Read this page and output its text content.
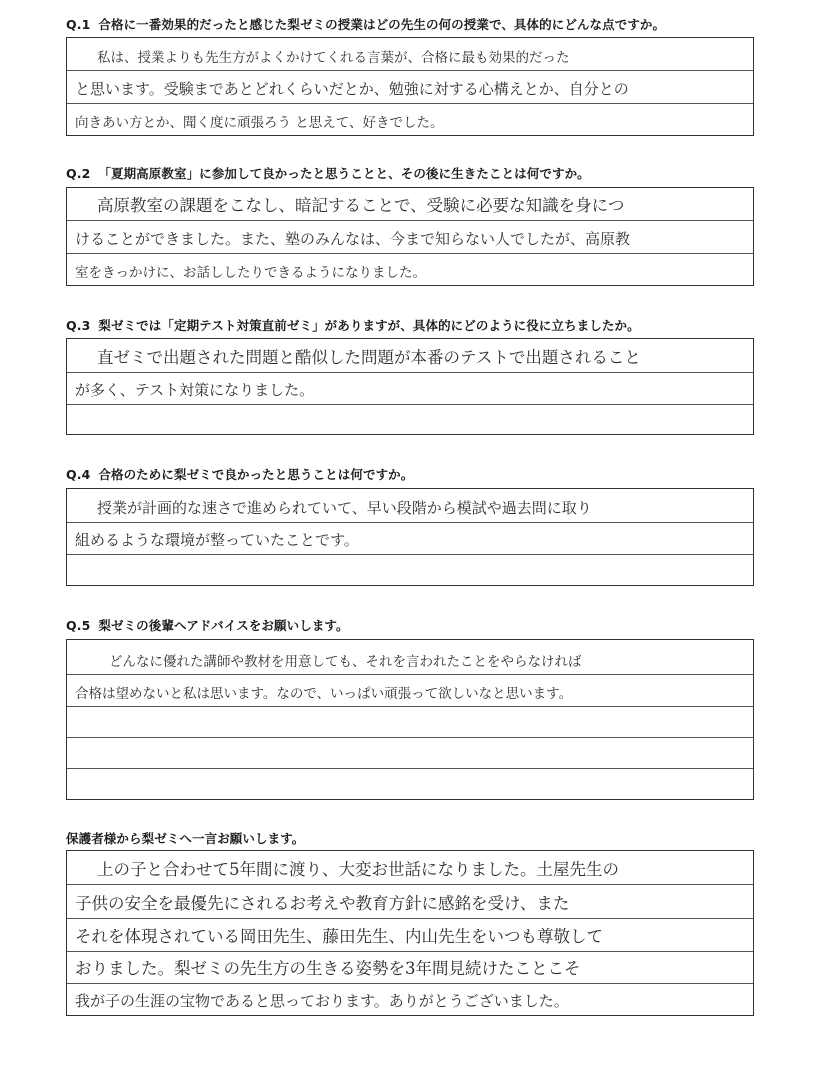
Q.1 合格に一番効果的だったと感じた梨ゼミの授業はどの先生の何の授業で、具体的にどんな点ですか。
私は、授業よりも先生方がよくかけてくれる言葉が、合格に最も効果的だった
と思います。受験まであとどれくらいだとか、勉強に対する心構えとか、自分との
向きあい方とか、聞く度に頑張ろう と思えて、好きでした。
Q.2 「夏期高原教室」に参加して良かったと思うことと、その後に生きたことは何ですか。
高原教室の課題をこなし、暗記することで、受験に必要な知識を身につ
けることができました。また、塾のみんなは、今まで知らない人でしたが、高原教
室をきっかけに、お話ししたりできるようになりました。
Q.3 梨ゼミでは「定期テスト対策直前ゼミ」がありますが、具体的にどのように役に立ちましたか。
直ゼミで出題された問題と酷似した問題が本番のテストで出題されること
が多く、テスト対策になりました。
Q.4 合格のために梨ゼミで良かったと思うことは何ですか。
授業が計画的な速さで進められていて、早い段階から模試や過去問に取り
組めるような環境が整っていたことです。
Q.5 梨ゼミの後輩へアドバイスをお願いします。
どんなに優れた講師や教材を用意しても、それを言われたことをやらなければ
合格は望めないと私は思います。なので、いっぱい頑張って欲しいなと思います。
保護者様から梨ゼミへ一言お願いします。
上の子と合わせて5年間に渡り、大変お世話になりました。土屋先生の
子供の安全を最優先にされるお考えや教育方針に感銘を受け、また
それを体現されている岡田先生、藤田先生、内山先生をいつも尊敬して
おりました。梨ゼミの先生方の生きる姿勢を3年間見続けたことこそ
我が子の生涯の宝物であると思っております。ありがとうございました。
